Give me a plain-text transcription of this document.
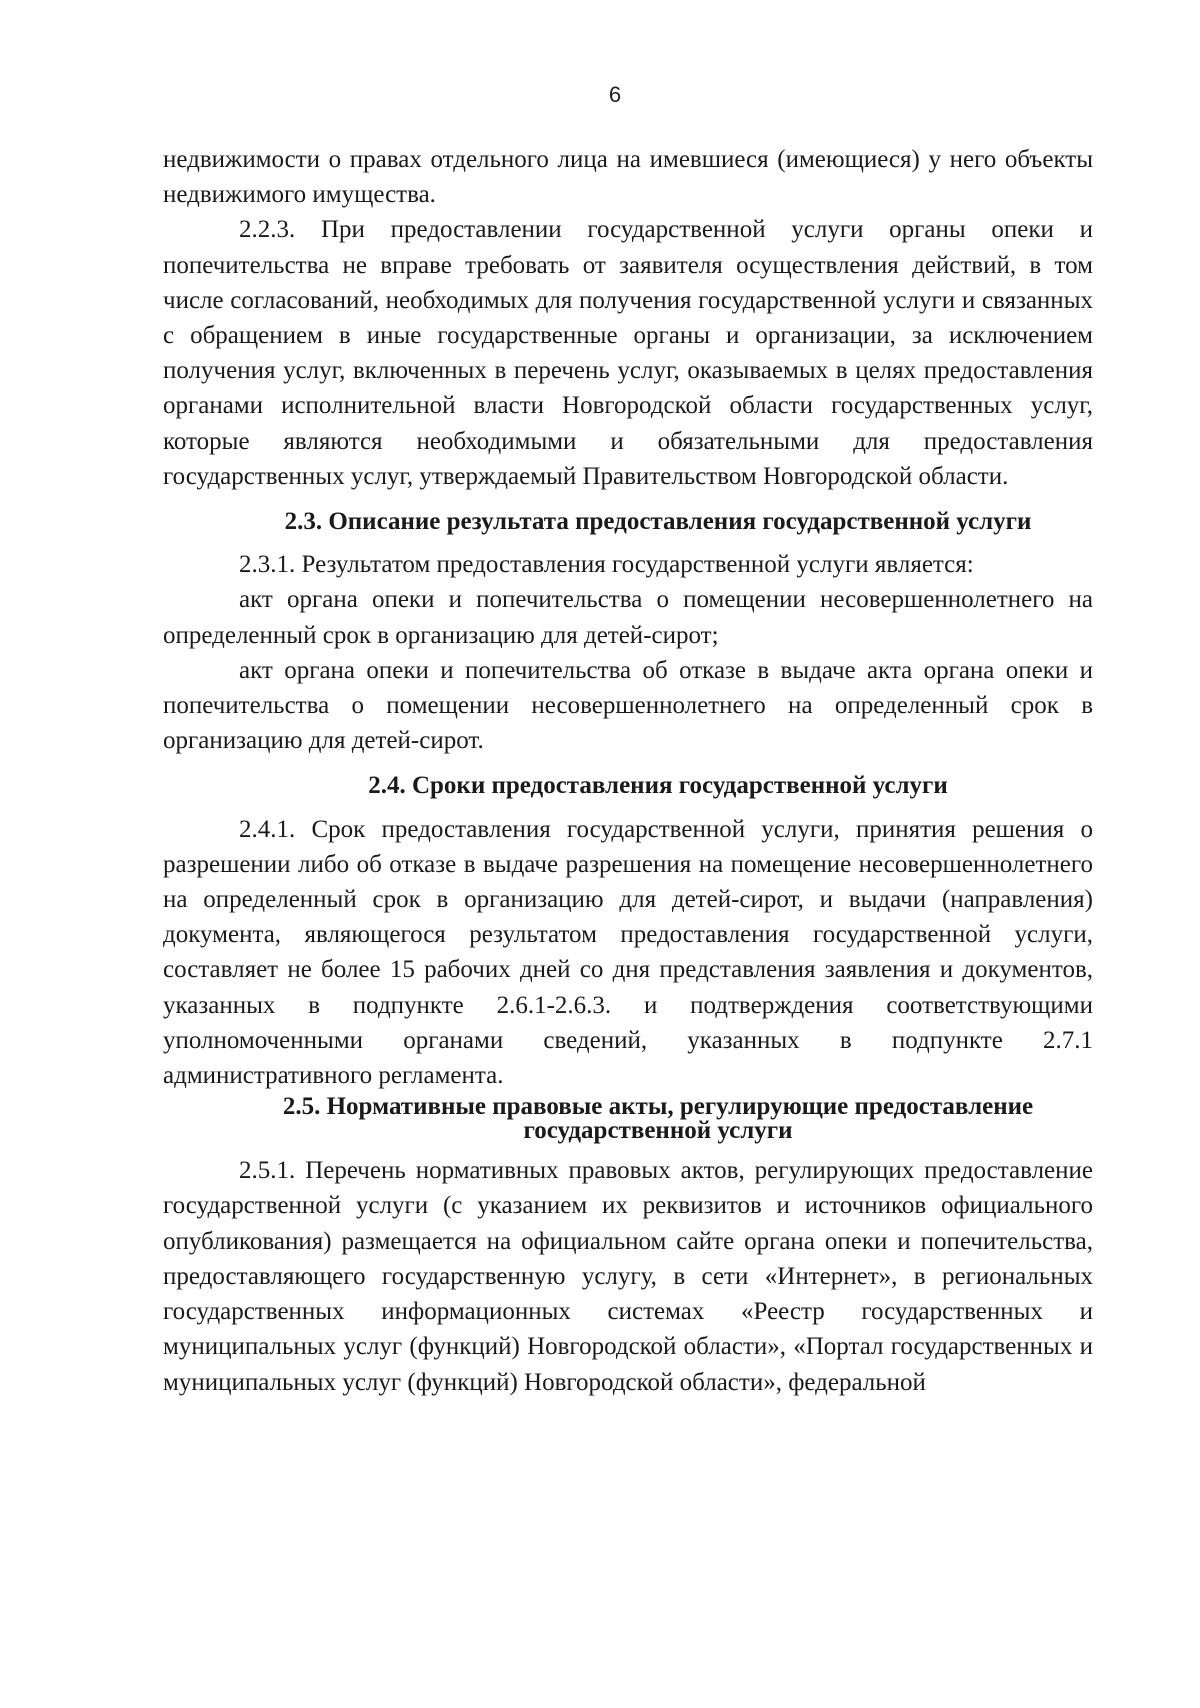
6

недвижимости о правах отдельного лица на имевшиеся (имеющиеся) у него объекты недвижимого имущества.

2.2.3. При предоставлении государственной услуги органы опеки и попечительства не вправе требовать от заявителя осуществления действий, в том числе согласований, необходимых для получения государственной услуги и связанных с обращением в иные государственные органы и организации, за исключением получения услуг, включенных в перечень услуг, оказываемых в целях предоставления органами исполнительной власти Новгородской области государственных услуг, которые являются необходимыми и обязательными для предоставления государственных услуг, утверждаемый Правительством Новгородской области.

2.3. Описание результата предоставления государственной услуги

2.3.1. Результатом предоставления государственной услуги является:

акт органа опеки и попечительства о помещении несовершеннолетнего на определенный срок в организацию для детей-сирот;

акт органа опеки и попечительства об отказе в выдаче акта органа опеки и попечительства о помещении несовершеннолетнего на определенный срок в организацию для детей-сирот.

2.4. Сроки предоставления государственной услуги

2.4.1. Срок предоставления государственной услуги, принятия решения о разрешении либо об отказе в выдаче разрешения на помещение несовершеннолетнего на определенный срок в организацию для детей-сирот, и выдачи (направления) документа, являющегося результатом предоставления государственной услуги, составляет не более 15 рабочих дней со дня представления заявления и документов, указанных в подпункте 2.6.1-2.6.3. и подтверждения соответствующими уполномоченными органами сведений, указанных в подпункте 2.7.1 административного регламента.

2.5. Нормативные правовые акты, регулирующие предоставление
государственной услуги

2.5.1. Перечень нормативных правовых актов, регулирующих предоставление государственной услуги (с указанием их реквизитов и источников официального опубликования) размещается на официальном сайте органа опеки и попечительства, предоставляющего государственную услугу, в сети «Интернет», в региональных государственных информационных системах «Реестр государственных и муниципальных услуг (функций) Новгородской области», «Портал государственных и муниципальных услуг (функций) Новгородской области», федеральной
